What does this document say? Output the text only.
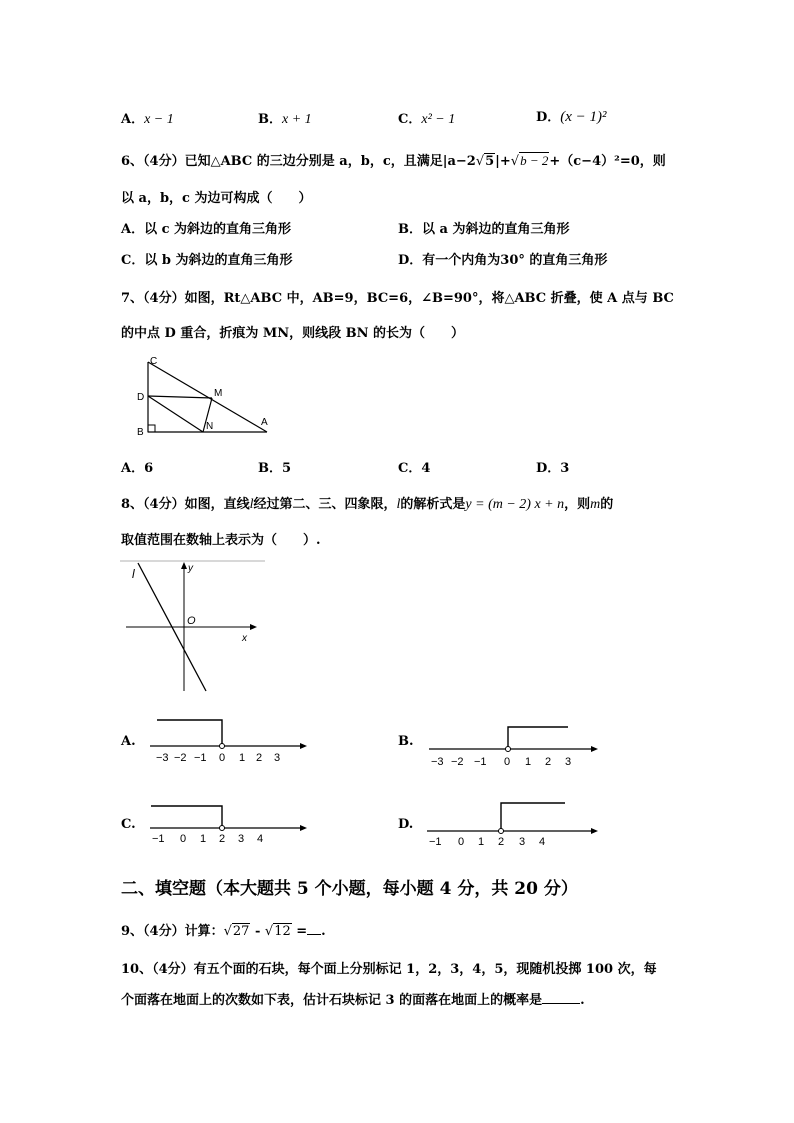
A．x − 1	B．x + 1	C．x² − 1	D．(x − 1)²
6、（4分）已知△ABC 的三边分别是 a，b，c，且满足|a−2√5|+√b − 2+（c−4）²=0，则
以 a，b，c 为边可构成（　　）
A．以 c 为斜边的直角三角形	B．以 a 为斜边的直角三角形
C．以 b 为斜边的直角三角形	D．有一个内角为30° 的直角三角形
7、（4分）如图，Rt△ABC 中，AB=9，BC=6，∠B=90°，将△ABC 折叠，使 A 点与 BC
的中点 D 重合，折痕为 MN，则线段 BN 的长为（　　）
C
D
B
M
N	A
A．6	B．5	C．4	D．3
8、（4分）如图，直线l经过第二、三、四象限，l的解析式是y = (m − 2) x + n，则m的
取值范围在数轴上表示为（　　）.
l	y
O
x
A.
−3 −2 −1 0 1 2 3
B.
−3 −2 −1 0 1 2 3
C.
−1 0 1 2 3 4
D.
−1 0 1 2 3 4
二、填空题（本大题共 5 个小题，每小题 4 分，共 20 分）
9、（4分）计算：√27 - √12 = .
10、（4分）有五个面的石块，每个面上分别标记 1，2，3，4，5，现随机投掷 100 次，每
个面落在地面上的次数如下表，估计石块标记 3 的面落在地面上的概率是	.
